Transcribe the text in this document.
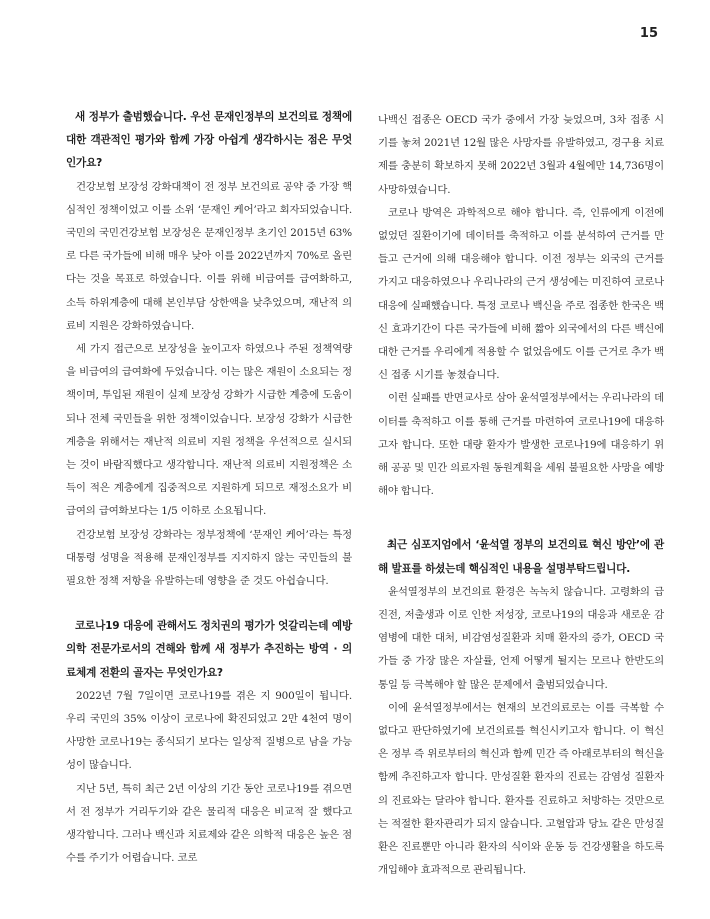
15

새 정부가 출범했습니다. 우선 문재인정부의 보건의료 정책에 대한 객관적인 평가와 함께 가장 아쉽게 생각하시는 점은 무엇인가요?

건강보험 보장성 강화대책이 전 정부 보건의료 공약 중 가장 핵심적인 정책이었고 이를 소위 ‘문재인 케어’라고 회자되었습니다. 국민의 국민건강보험 보장성은 문재인정부 초기인 2015년 63%로 다른 국가들에 비해 매우 낮아 이를 2022년까지 70%로 올린다는 것을 목표로 하였습니다. 이를 위해 비급여를 급여화하고, 소득 하위계층에 대해 본인부담 상한액을 낮추었으며, 재난적 의료비 지원은 강화하였습니다.

세 가지 접근으로 보장성을 높이고자 하였으나 주된 정책역량을 비급여의 급여화에 두었습니다. 이는 많은 재원이 소요되는 정책이며, 투입된 재원이 실제 보장성 강화가 시급한 계층에 도움이 되나 전체 국민들을 위한 정책이었습니다. 보장성 강화가 시급한 계층을 위해서는 재난적 의료비 지원 정책을 우선적으로 실시되는 것이 바람직했다고 생각합니다. 재난적 의료비 지원정책은 소득이 적은 계층에게 집중적으로 지원하게 되므로 재정소요가 비급여의 급여화보다는 1/5 이하로 소요됩니다.

건강보험 보장성 강화라는 정부정책에 ‘문재인 케어’라는 특정 대통령 성명을 적용해 문재인정부를 지지하지 않는 국민들의 불필요한 정책 저항을 유발하는데 영향을 준 것도 아쉽습니다.

코로나19 대응에 관해서도 정치권의 평가가 엇갈리는데 예방의학 전문가로서의 견해와 함께 새 정부가 추진하는 방역 · 의료체계 전환의 골자는 무엇인가요?

2022년 7월 7일이면 코로나19를 겪은 지 900일이 됩니다. 우리 국민의 35% 이상이 코로나에 확진되었고 2만 4천여 명이 사망한 코로나19는 종식되기 보다는 일상적 질병으로 남을 가능성이 많습니다.

지난 5년, 특히 최근 2년 이상의 기간 동안 코로나19를 겪으면서 전 정부가 거리두기와 같은 물리적 대응은 비교적 잘 했다고 생각합니다. 그러나 백신과 치료제와 같은 의학적 대응은 높은 점수를 주기가 어렵습니다. 코로

나백신 접종은 OECD 국가 중에서 가장 늦었으며, 3차 접종 시기를 놓쳐 2021년 12월 많은 사망자를 유발하였고, 경구용 치료제를 충분히 확보하지 못해 2022년 3월과 4월에만 14,736명이 사망하였습니다.

코로나 방역은 과학적으로 해야 합니다. 즉, 인류에게 이전에 없었던 질환이기에 데이터를 축적하고 이를 분석하여 근거를 만들고 근거에 의해 대응해야 합니다. 이전 정부는 외국의 근거를 가지고 대응하였으나 우리나라의 근거 생성에는 미진하여 코로나 대응에 실패했습니다. 특정 코로나 백신을 주로 접종한 한국은 백신 효과기간이 다른 국가들에 비해 짧아 외국에서의 다른 백신에 대한 근거를 우리에게 적용할 수 없었음에도 이를 근거로 추가 백신 접종 시기를 놓쳤습니다.

이런 실패를 반면교사로 삼아 윤석열정부에서는 우리나라의 데이터를 축적하고 이를 통해 근거를 마련하여 코로나19에 대응하고자 합니다. 또한 대량 환자가 발생한 코로나19에 대응하기 위해 공공 및 민간 의료자원 동원계획을 세워 불필요한 사망을 예방해야 합니다.

최근 심포지엄에서 ‘윤석열 정부의 보건의료 혁신 방안’에 관해 발표를 하셨는데 핵심적인 내용을 설명부탁드립니다.

윤석열정부의 보건의료 환경은 녹녹치 않습니다. 고령화의 급진전, 저출생과 이로 인한 저성장, 코로나19의 대응과 새로운 감염병에 대한 대처, 비감염성질환과 치매 환자의 증가, OECD 국가들 중 가장 많은 자살률, 언제 어떻게 될지는 모르나 한반도의 통일 등 극복해야 할 많은 문제에서 출범되었습니다.

이에 윤석열정부에서는 현재의 보건의료로는 이를 극복할 수 없다고 판단하였기에 보건의료를 혁신시키고자 합니다. 이 혁신은 정부 즉 위로부터의 혁신과 함께 민간 즉 아래로부터의 혁신을 함께 추진하고자 합니다. 만성질환 환자의 진료는 감염성 질환자의 진료와는 달라야 합니다. 환자를 진료하고 처방하는 것만으로는 적절한 환자관리가 되지 않습니다. 고혈압과 당뇨 같은 만성질환은 진료뿐만 아니라 환자의 식이와 운동 등 건강생활을 하도록 개입해야 효과적으로 관리됩니다.
